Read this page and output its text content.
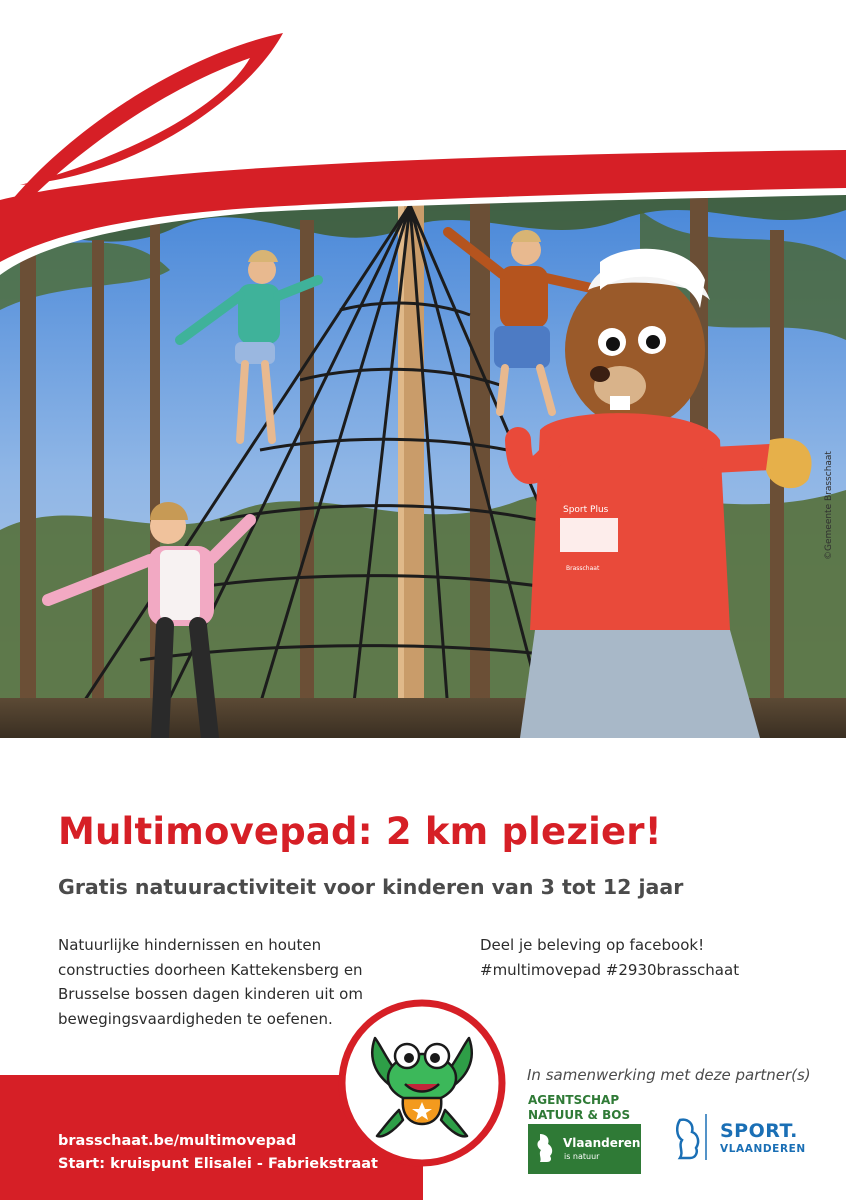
Sport Plus
Brasschaat
©Gemeente Brasschaat
Multimovepad: 2 km plezier!
Gratis natuuractiviteit voor kinderen van 3 tot 12 jaar

Natuurlijke hindernissen en houten constructies doorheen Kattekensberg en Brusselse bossen dagen kinderen uit om bewegingsvaardigheden te oefenen.

Deel je beleving op facebook!
#multimovepad #2930brasschaat
brasschaat.be/multimovepad
Start: kruispunt Elisalei - Fabriekstraat
In samenwerking met deze partner(s)
AGENTSCHAP
NATUUR & BOS
Vlaanderen
is natuur
SPORT.
VLAANDEREN
